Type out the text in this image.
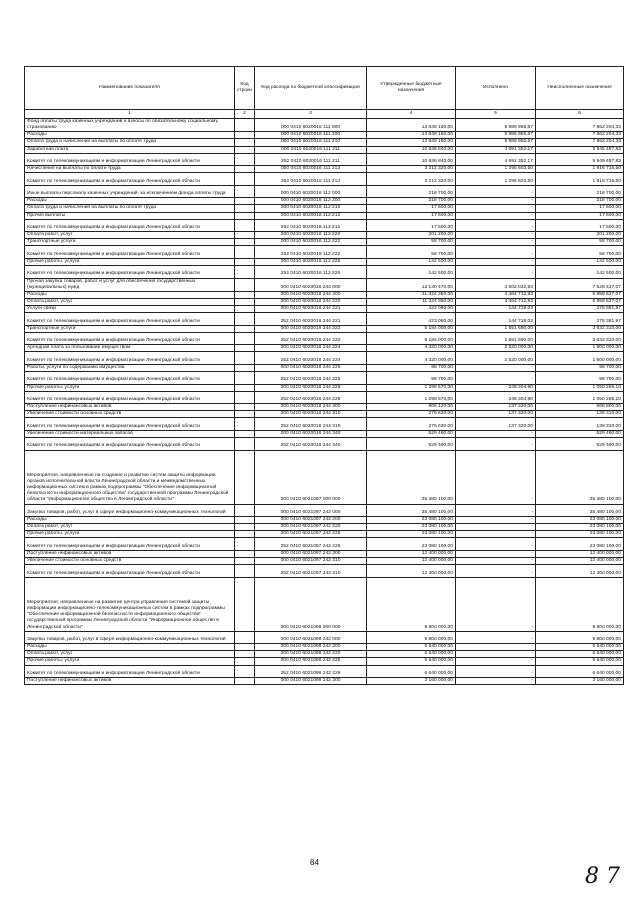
Наименование показателя	Код строки	Код расхода по бюджетной классификации	Утвержденные бюджетные назначения	Исполнено	Неисполненные назначения
1	2	3	4	5	6
Фонд оплаты труда казенных учреждений и взносы по обязательному социальному страхованию		000 0410 6020016 111 000	13 849 160,00	5 986 955,67	7 862 204,33
Расходы		000 0410 6020016 111 200	13 849 160,00	5 986 955,67	7 862 204,33
Оплата труда и начисления на выплаты по оплате труда		000 0410 6020016 111 210	13 849 160,00	5 986 955,67	7 862 204,33
Заработная плата		000 0410 6020016 111 211	10 636 840,00	4 691 352,17	5 945 487,83
Комитет по телекоммуникациям и информатизации Ленинградской области		252 0410 6020016 111 211	10 636 840,00	4 691 352,17	5 945 487,83
Начисления на выплаты по оплате труда		000 0410 6020016 111 213	3 212 320,00	1 295 603,50	1 916 716,50
Комитет по телекоммуникациям и информатизации Ленинградской области		252 0410 6020016 111 213	3 212 320,00	1 295 603,50	1 916 716,50
Иные выплаты персоналу казенных учреждений, за исключением фонда оплаты труда		000 0410 6020016 112 000	218 700,00	-	218 700,00
Расходы		000 0410 6020016 112 200	218 700,00	-	218 700,00
Оплата труда и начисления на выплаты по оплате труда		000 0410 6020016 112 210	17 500,00	-	17 500,00
Прочие выплаты		000 0410 6020016 112 212	17 500,00	-	17 500,00
Комитет по телекоммуникациям и информатизации Ленинградской области		252 0410 6020016 112 212	17 500,00	-	17 500,00
Оплата работ, услуг		000 0410 6020016 112 220	201 200,00	-	201 200,00
Транспортные услуги		000 0410 6020016 112 222	58 700,00	-	58 700,00
Комитет по телекоммуникациям и информатизации Ленинградской области		252 0410 6020016 112 222	58 700,00	-	58 700,00
Прочие работы, услуги		000 0410 6020016 112 226	142 500,00	-	142 500,00
Комитет по телекоммуникациям и информатизации Ленинградской области		252 0410 6020016 112 226	142 500,00	-	142 500,00
Прочая закупка товаров, работ и услуг для обеспечения государственных (муниципальных) нужд		000 0410 6020016 244 000	12 130 470,00	4 602 032,93	7 528 437,07
Расходы		000 0410 6020016 244 200	11 324 350,00	4 464 712,93	6 859 637,07
Оплата работ, услуг		000 0410 6020016 244 220	11 324 350,00	4 464 712,93	6 859 637,07
Услуги связи		000 0410 6020016 244 221	423 060,00	144 718,03	278 361,97
Комитет по телекоммуникациям и информатизации Ленинградской области		252 0410 6020016 244 221	423 060,00	144 718,03	278 361,97
Транспортные услуги		000 0410 6020016 244 222	5 184 000,00	1 551 690,00	3 632 310,00
Комитет по телекоммуникациям и информатизации Ленинградской области		252 0410 6020016 244 222	5 184 000,00	1 551 690,00	3 632 310,00
Арендная плата за пользование имуществом		000 0410 6020016 244 224	4 320 000,00	2 520 000,00	1 800 000,00
Комитет по телекоммуникациям и информатизации Ленинградской области		252 0410 6020016 244 224	4 320 000,00	2 520 000,00	1 800 000,00
Работы, услуги по содержанию имущества		000 0410 6020016 244 225	98 700,00	-	98 700,00
Комитет по телекоммуникациям и информатизации Ленинградской области		252 0410 6020016 244 225	98 700,00	-	98 700,00
Прочие работы, услуги		000 0410 6020016 244 226	1 298 570,00	248 304,90	1 050 265,10
Комитет по телекоммуникациям и информатизации Ленинградской области		252 0410 6020016 244 226	1 298 570,00	248 304,90	1 050 265,10
Поступление нефинансовых активов		000 0410 6020016 244 300	806 120,00	137 320,00	668 800,00
Увеличение стоимости основных средств		000 0410 6020016 244 310	276 630,00	137 320,00	139 310,00
Комитет по телекоммуникациям и информатизации Ленинградской области		252 0410 6020016 244 310	276 630,00	137 320,00	139 310,00
Увеличение стоимости материальных запасов		000 0410 6020016 244 340	529 490,00	-	529 490,00
Комитет по телекоммуникациям и информатизации Ленинградской области		252 0410 6020016 244 340	529 490,00	-	529 490,00
Мероприятия, направленные на создание и развитие систем защиты информации органов исполнительной власти Ленинградской области и межведомственных информационных систем в рамках подпрограммы "Обеспечение информационной безопасности информационного общества" государственной программы Ленинградской области "Информационное общество в Ленинградской области"		000 0410 6021097 000 000	35 480 100,00	-	35 480 100,00
Закупка товаров, работ, услуг в сфере информационно-коммуникационных технологий		000 0410 6021097 242 000	35 480 100,00	-	35 480 100,00
Расходы		000 0410 6021097 242 200	23 080 100,00	-	23 080 100,00
Оплата работ, услуг		000 0410 6021097 242 220	23 080 100,00	-	23 080 100,00
Прочие работы, услуги		000 0410 6021097 242 226	23 080 100,00	-	23 080 100,00
Комитет по телекоммуникациям и информатизации Ленинградской области		252 0410 6021097 242 226	23 080 100,00	-	23 080 100,00
Поступление нефинансовых активов		000 0410 6021097 242 300	12 400 000,00	-	12 400 000,00
Увеличение стоимости основных средств		000 0410 6021097 242 310	12 400 000,00	-	12 400 000,00
Комитет по телекоммуникациям и информатизации Ленинградской области		252 0410 6021097 242 310	12 400 000,00	-	12 400 000,00
Мероприятия, направленные на развитие центра управления системой защиты информации информационно-телекоммуникационных систем в рамках подпрограммы "Обеспечение информационной безопасности информационного общества" государственной программы Ленинградской области "Информационное общество в Ленинградской области"		000 0410 6021098 000 000	9 800 000,00	-	9 800 000,00
Закупка товаров, работ, услуг в сфере информационно-коммуникационных технологий		000 0410 6021098 242 000	9 800 000,00	-	9 800 000,00
Расходы		000 0410 6021098 242 200	6 640 000,00	-	6 640 000,00
Оплата работ, услуг		000 0410 6021098 242 220	6 640 000,00	-	6 640 000,00
Прочие работы, услуги		000 0410 6021098 242 226	6 640 000,00	-	6 640 000,00
Комитет по телекоммуникациям и информатизации Ленинградской области		252 0410 6021098 242 226	6 640 000,00	-	6 640 000,00
Поступление нефинансовых активов		000 0410 6021098 242 300	3 160 000,00	-	3 160 000,00
84
8 7
